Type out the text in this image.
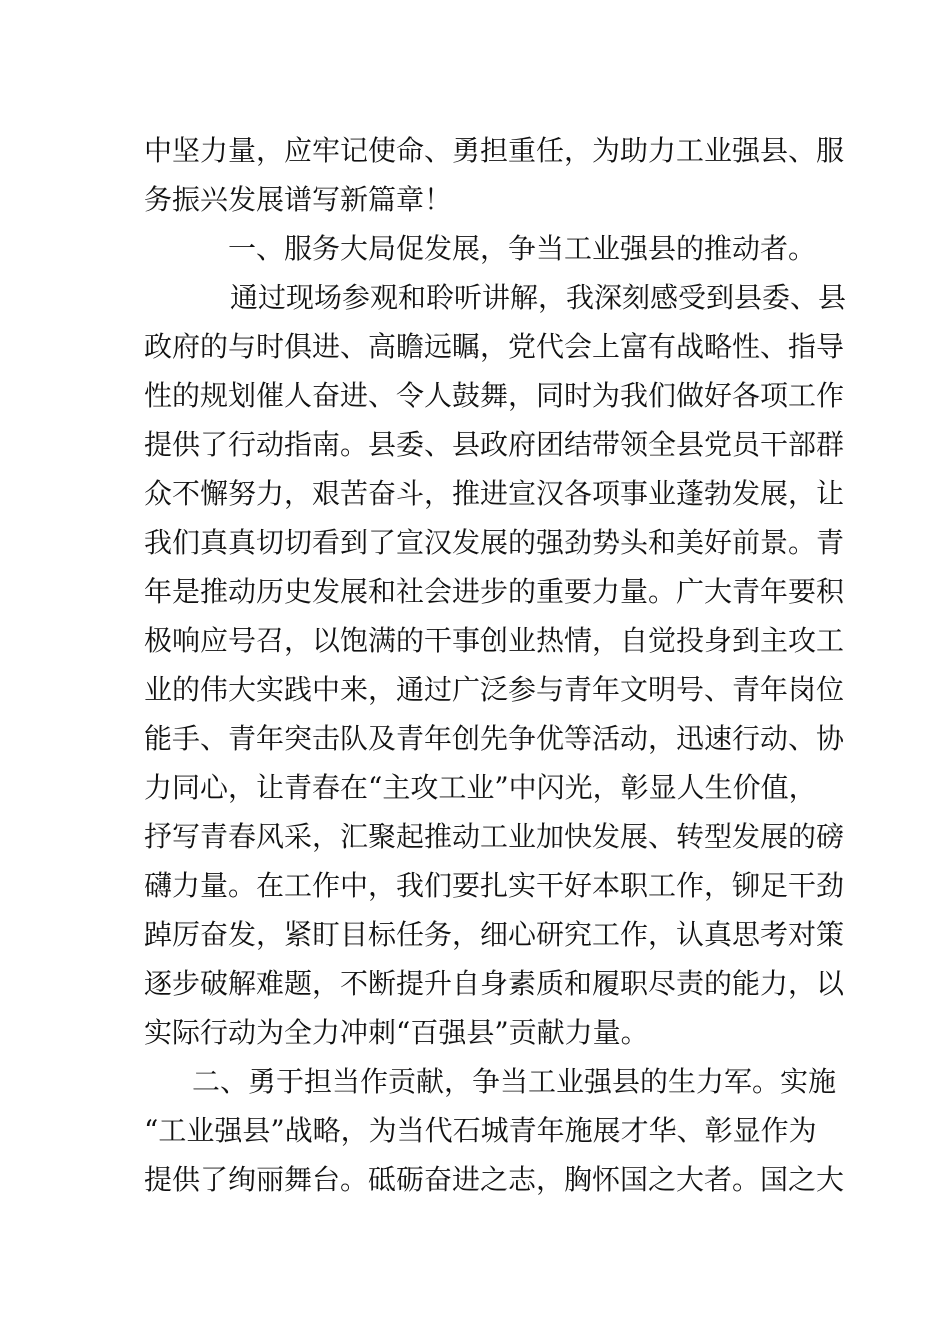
中坚力量，应牢记使命、勇担重任，为助力工业强县、服
务振兴发展谱写新篇章！
一、服务大局促发展，争当工业强县的推动者。
通过现场参观和聆听讲解，我深刻感受到县委、县
政府的与时俱进、高瞻远瞩，党代会上富有战略性、指导
性的规划催人奋进、令人鼓舞，同时为我们做好各项工作
提供了行动指南。县委、县政府团结带领全县党员干部群
众不懈努力，艰苦奋斗，推进宣汉各项事业蓬勃发展，让
我们真真切切看到了宣汉发展的强劲势头和美好前景。青
年是推动历史发展和社会进步的重要力量。广大青年要积
极响应号召，以饱满的干事创业热情，自觉投身到主攻工
业的伟大实践中来，通过广泛参与青年文明号、青年岗位
能手、青年突击队及青年创先争优等活动，迅速行动、协
力同心，让青春在“主攻工业”中闪光，彰显人生价值，
抒写青春风采，汇聚起推动工业加快发展、转型发展的磅
礴力量。在工作中，我们要扎实干好本职工作，铆足干劲
踔厉奋发，紧盯目标任务，细心研究工作，认真思考对策
逐步破解难题，不断提升自身素质和履职尽责的能力，以
实际行动为全力冲刺“百强县”贡献力量。
二、勇于担当作贡献，争当工业强县的生力军。实施
“工业强县”战略，为当代石城青年施展才华、彰显作为
提供了绚丽舞台。砥砺奋进之志，胸怀国之大者。国之大
